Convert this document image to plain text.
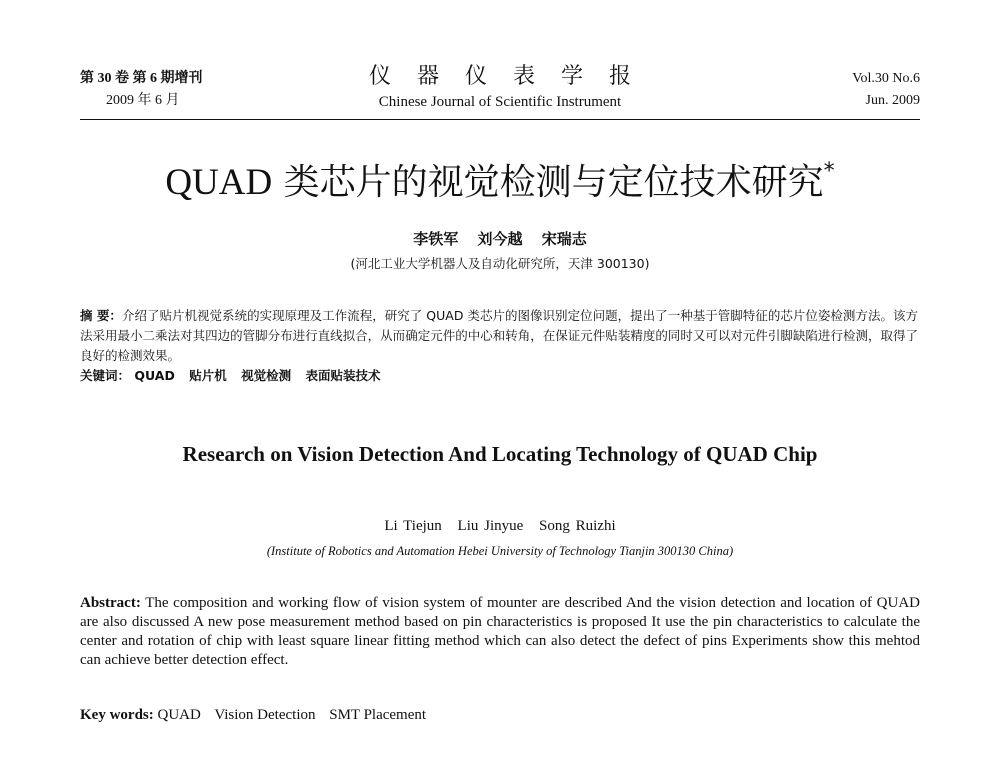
第 30 卷 第 6 期增刊
2009 年 6 月
仪器仪表学报
Chinese Journal of Scientific Instrument
Vol.30 No.6
Jun. 2009
QUAD 类芯片的视觉检测与定位技术研究*
李铁军 刘今越 宋瑞志
(河北工业大学机器人及自动化研究所，天津 300130)
摘 要：介绍了贴片机视觉系统的实现原理及工作流程，研究了 QUAD 类芯片的图像识别定位问题，提出了一种基于管脚特征的芯片位姿检测方法。该方法采用最小二乘法对其四边的管脚分布进行直线拟合，从而确定元件的中心和转角，在保证元件贴装精度的同时又可以对元件引脚缺陷进行检测，取得了良好的检测效果。
关键词： QUAD 贴片机 视觉检测 表面贴装技术
Research on Vision Detection And Locating Technology of QUAD Chip
Li Tiejun Liu Jinyue Song Ruizhi
(Institute of Robotics and Automation Hebei University of Technology Tianjin 300130 China)
Abstract: The composition and working flow of vision system of mounter are described And the vision detection and location of QUAD are also discussed A new pose measurement method based on pin characteristics is proposed It use the pin characteristics to calculate the center and rotation of chip with least square linear fitting method which can also detect the defect of pins Experiments show this mehtod can achieve better detection effect.
Key words: QUAD Vision Detection SMT Placement
